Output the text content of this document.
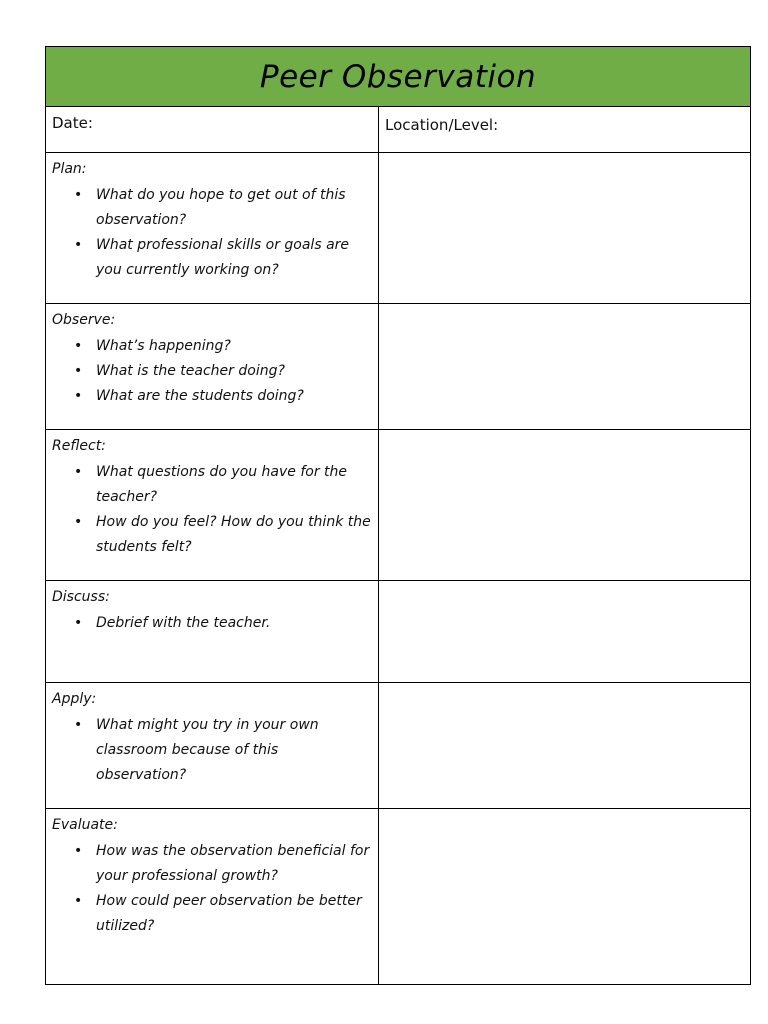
Peer Observation
Date:	Location/Level:
Plan:
• What do you hope to get out of this observation?
• What professional skills or goals are you currently working on?
Observe:
• What’s happening?
• What is the teacher doing?
• What are the students doing?
Reflect:
• What questions do you have for the teacher?
• How do you feel? How do you think the students felt?
Discuss:
• Debrief with the teacher.
Apply:
• What might you try in your own classroom because of this observation?
Evaluate:
• How was the observation beneficial for your professional growth?
• How could peer observation be better utilized?
